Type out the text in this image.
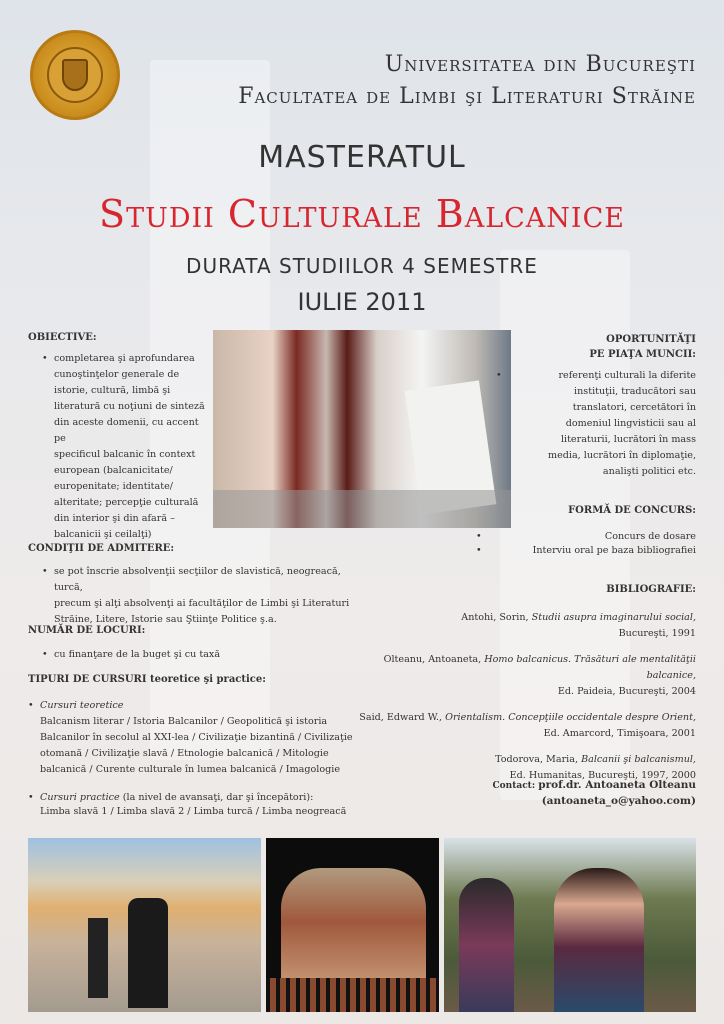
Universitatea din Bucureşti
Facultatea de Limbi şi Literaturi Străine
MASTERATUL
Studii Culturale Balcanice
DURATA STUDIILOR 4 SEMESTRE
IULIE 2011
OBIECTIVE:
• completarea şi aprofundarea
cunoştinţelor generale de
istorie, cultură, limbă şi
literatură cu noţiuni de sinteză
din aceste domenii, cu accent pe
specificul balcanic în context
european (balcanicitate/
europenitate; identitate/
alteritate; percepţie culturală
din interior şi din afară –
balcanicii şi ceilalţi)
CONDIŢII DE ADMITERE:
• se pot înscrie absolvenţii secţiilor de slavistică, neogreacă, turcă,
precum şi alţi absolvenţi ai facultăţilor de Limbi şi Literaturi
Străine, Litere, Istorie sau Ştiinţe Politice ş.a.
NUMĂR DE LOCURI:
• cu finanţare de la buget şi cu taxă
TIPURI DE CURSURI teoretice şi practice:
• Cursuri teoretice
Balcanism literar / Istoria Balcanilor / Geopolitică şi istoria
Balcanilor în secolul al XXI-lea / Civilizaţie bizantină / Civilizaţie
otomană / Civilizaţie slavă / Etnologie balcanică / Mitologie
balcanică / Curente culturale în lumea balcanică / Imagologie
• Cursuri practice (la nivel de avansaţi, dar şi începători):
Limba slavă 1 / Limba slavă 2 / Limba turcă / Limba neogreacă
OPORTUNITĂŢI
PE PIAŢA MUNCII:
• referenţi culturali la diferite
instituţii, traducători sau
translatori, cercetători în
domeniul lingvisticii sau al
literaturii, lucrători în mass
media, lucrători în diplomaţie,
analişti politici etc.
FORMĂ DE CONCURS:
• Concurs de dosare
• Interviu oral pe baza bibliografiei
BIBLIOGRAFIE:
Antohi, Sorin, Studii asupra imaginarului social,
Bucureşti, 1991
Olteanu, Antoaneta, Homo balcanicus. Trăsături ale mentalităţii balcanice,
Ed. Paideia, Bucureşti, 2004
Said, Edward W., Orientalism. Concepţiile occidentale despre Orient,
Ed. Amarcord, Timişoara, 2001
Todorova, Maria, Balcanii şi balcanismul,
Ed. Humanitas, Bucureşti, 1997, 2000
Contact: prof.dr. Antoaneta Olteanu
(antoaneta_o@yahoo.com)
